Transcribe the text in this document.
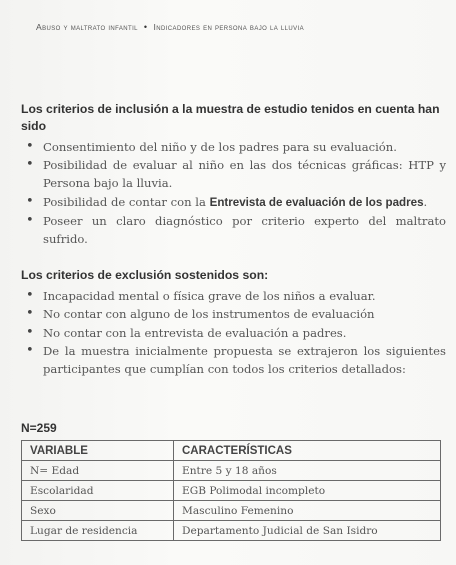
Abuso y maltrato infantil • Indicadores en persona bajo la lluvia
Los criterios de inclusión a la muestra de estudio tenidos en cuenta han sido
• Consentimiento del niño y de los padres para su evaluación.
• Posibilidad de evaluar al niño en las dos técnicas gráficas: HTP y Persona bajo la lluvia.
• Posibilidad de contar con la Entrevista de evaluación de los padres.
• Poseer un claro diagnóstico por criterio experto del maltrato sufrido.
Los criterios de exclusión sostenidos son:
• Incapacidad mental o física grave de los niños a evaluar.
• No contar con alguno de los instrumentos de evaluación
• No contar con la entrevista de evaluación a padres.
• De la muestra inicialmente propuesta se extrajeron los siguientes participantes que cumplían con todos los criterios detallados:
N=259
VARIABLE	CARACTERÍSTICAS
N= Edad	Entre 5 y 18 años
Escolaridad	EGB Polimodal incompleto
Sexo	Masculino Femenino
Lugar de residencia	Departamento Judicial de San Isidro
